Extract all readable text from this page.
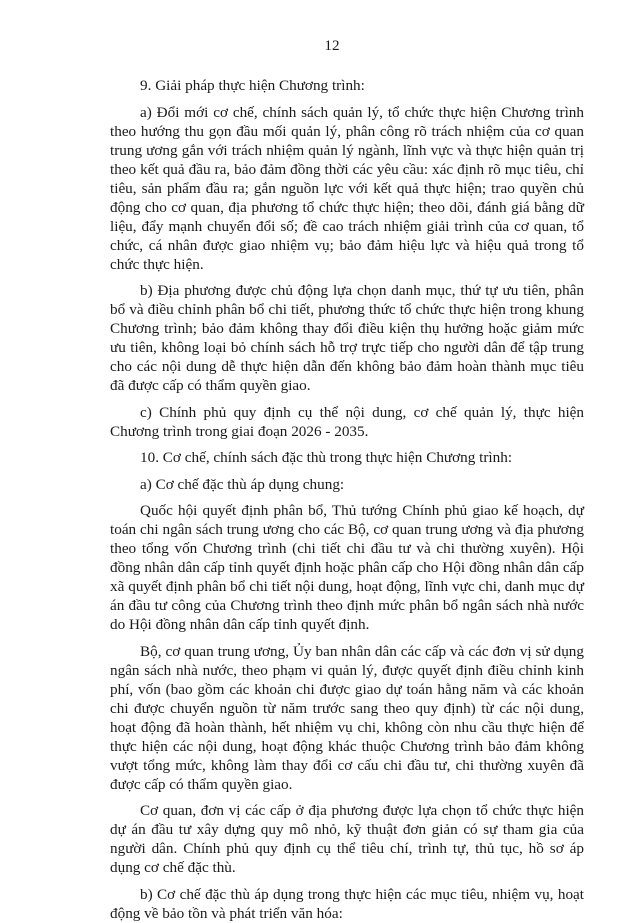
12

9. Giải pháp thực hiện Chương trình:

a) Đổi mới cơ chế, chính sách quản lý, tổ chức thực hiện Chương trình theo hướng thu gọn đầu mối quản lý, phân công rõ trách nhiệm của cơ quan trung ương gắn với trách nhiệm quản lý ngành, lĩnh vực và thực hiện quản trị theo kết quả đầu ra, bảo đảm đồng thời các yêu cầu: xác định rõ mục tiêu, chỉ tiêu, sản phẩm đầu ra; gắn nguồn lực với kết quả thực hiện; trao quyền chủ động cho cơ quan, địa phương tổ chức thực hiện; theo dõi, đánh giá bằng dữ liệu, đẩy mạnh chuyển đổi số; đề cao trách nhiệm giải trình của cơ quan, tổ chức, cá nhân được giao nhiệm vụ; bảo đảm hiệu lực và hiệu quả trong tổ chức thực hiện.

b) Địa phương được chủ động lựa chọn danh mục, thứ tự ưu tiên, phân bổ và điều chỉnh phân bổ chi tiết, phương thức tổ chức thực hiện trong khung Chương trình; bảo đảm không thay đổi điều kiện thụ hưởng hoặc giảm mức ưu tiên, không loại bỏ chính sách hỗ trợ trực tiếp cho người dân để tập trung cho các nội dung dễ thực hiện dẫn đến không bảo đảm hoàn thành mục tiêu đã được cấp có thẩm quyền giao.

c) Chính phủ quy định cụ thể nội dung, cơ chế quản lý, thực hiện Chương trình trong giai đoạn 2026 - 2035.

10. Cơ chế, chính sách đặc thù trong thực hiện Chương trình:

a) Cơ chế đặc thù áp dụng chung:

Quốc hội quyết định phân bổ, Thủ tướng Chính phủ giao kế hoạch, dự toán chi ngân sách trung ương cho các Bộ, cơ quan trung ương và địa phương theo tổng vốn Chương trình (chi tiết chi đầu tư và chi thường xuyên). Hội đồng nhân dân cấp tỉnh quyết định hoặc phân cấp cho Hội đồng nhân dân cấp xã quyết định phân bổ chi tiết nội dung, hoạt động, lĩnh vực chi, danh mục dự án đầu tư công của Chương trình theo định mức phân bổ ngân sách nhà nước do Hội đồng nhân dân cấp tỉnh quyết định.

Bộ, cơ quan trung ương, Ủy ban nhân dân các cấp và các đơn vị sử dụng ngân sách nhà nước, theo phạm vi quản lý, được quyết định điều chỉnh kinh phí, vốn (bao gồm các khoản chi được giao dự toán hằng năm và các khoản chi được chuyển nguồn từ năm trước sang theo quy định) từ các nội dung, hoạt động đã hoàn thành, hết nhiệm vụ chi, không còn nhu cầu thực hiện để thực hiện các nội dung, hoạt động khác thuộc Chương trình bảo đảm không vượt tổng mức, không làm thay đổi cơ cấu chi đầu tư, chi thường xuyên đã được cấp có thẩm quyền giao.

Cơ quan, đơn vị các cấp ở địa phương được lựa chọn tổ chức thực hiện dự án đầu tư xây dựng quy mô nhỏ, kỹ thuật đơn giản có sự tham gia của người dân. Chính phủ quy định cụ thể tiêu chí, trình tự, thủ tục, hồ sơ áp dụng cơ chế đặc thù.

b) Cơ chế đặc thù áp dụng trong thực hiện các mục tiêu, nhiệm vụ, hoạt động về bảo tồn và phát triển văn hóa:
